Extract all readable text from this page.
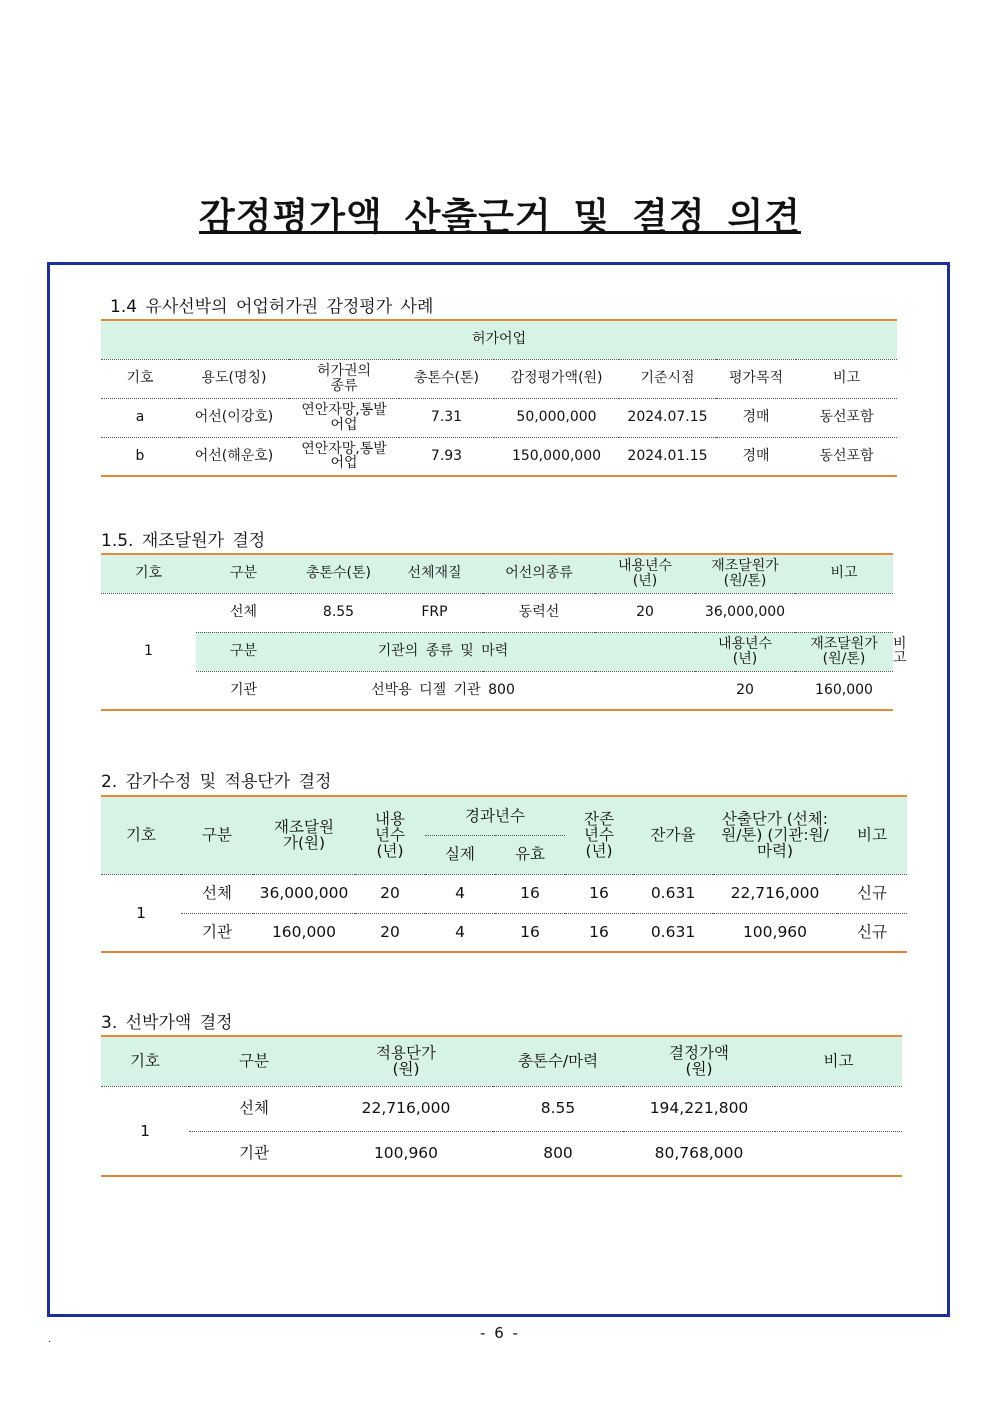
감정평가액 산출근거 및 결정 의견
1.4 유사선박의 어업허가권 감정평가 사례
허가어업							
기호	용도(명칭)	허가권의 종류	총톤수(톤)	감정평가액(원)	기준시점	평가목적	비고
a	어선(이강호)	연안자망,통발 어업	7.31	50,000,000	2024.07.15	경매	동선포함
b	어선(해운호)	연안자망,통발 어업	7.93	150,000,000	2024.01.15	경매	동선포함
1.5. 재조달원가 결정
기호	구분	총톤수(톤)	선체재질	어선의종류	내용년수 (년)	재조달원가 (원/톤)	비고	
1	선체	8.55	FRP	동력선	20	36,000,000		
	구분	기관의 종류 및 마력				내용년수 (년)	재조달원가 (원/톤)	비고
	기관	선박용 디젤 기관 800				20	160,000	
2. 감가수정 및 적용단가 결정
기호	구분	재조달원 가(원)	내용 년수 (년)	경과년수		잔존 년수 (년)	잔가율	산출단가 (선체:원/톤) (기관:원/마력)	비고
				실제	유효				
1	선체	36,000,000	20	4	16	16	0.631	22,716,000	신규
	기관	160,000	20	4	16	16	0.631	100,960	신규
3. 선박가액 결정
기호	구분	적용단가 (원)	총톤수/마력	결정가액 (원)	비고
1	선체	22,716,000	8.55	194,221,800	
	기관	100,960	800	80,768,000	
- 6 -
.
